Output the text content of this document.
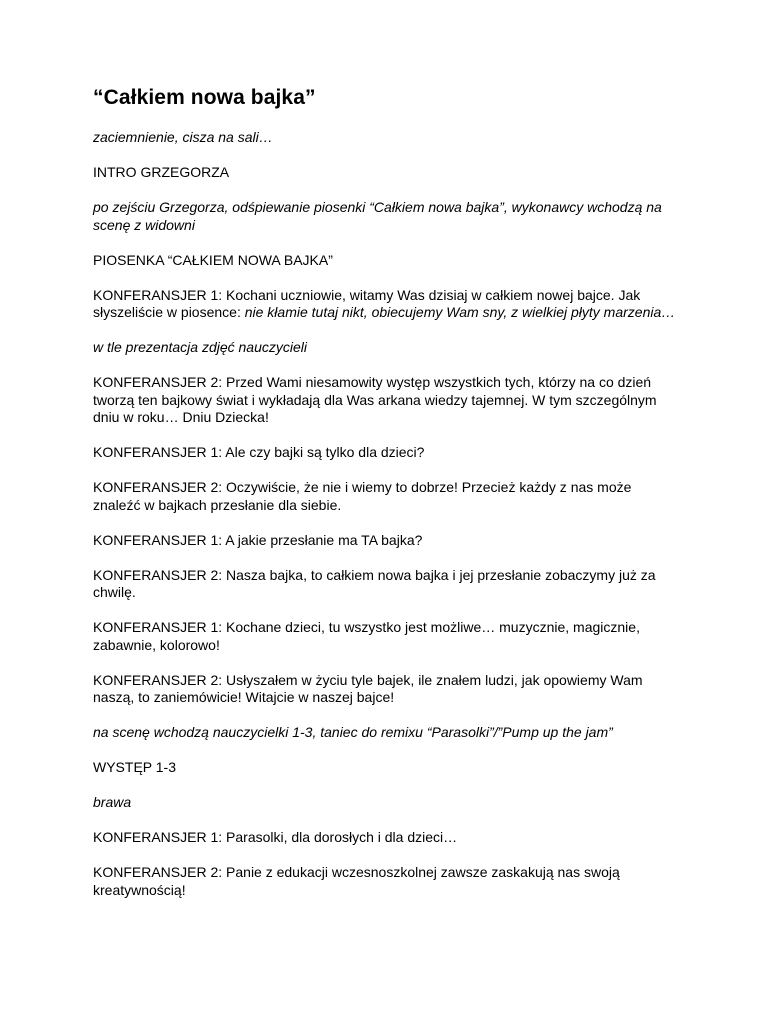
“Całkiem nowa bajka”

zaciemnienie, cisza na sali…

INTRO GRZEGORZA

po zejściu Grzegorza, odśpiewanie piosenki “Całkiem nowa bajka”, wykonawcy wchodzą na scenę z widowni

PIOSENKA “CAŁKIEM NOWA BAJKA”

KONFERANSJER 1: Kochani uczniowie, witamy Was dzisiaj w całkiem nowej bajce. Jak słyszeliście w piosence: nie kłamie tutaj nikt, obiecujemy Wam sny, z wielkiej płyty marzenia…

w tle prezentacja zdjęć nauczycieli

KONFERANSJER 2: Przed Wami niesamowity występ wszystkich tych, którzy na co dzień tworzą ten bajkowy świat i wykładają dla Was arkana wiedzy tajemnej. W tym szczególnym dniu w roku… Dniu Dziecka!

KONFERANSJER 1: Ale czy bajki są tylko dla dzieci?

KONFERANSJER 2: Oczywiście, że nie i wiemy to dobrze! Przecież każdy z nas może znaleźć w bajkach przesłanie dla siebie.

KONFERANSJER 1: A jakie przesłanie ma TA bajka?

KONFERANSJER 2: Nasza bajka, to całkiem nowa bajka i jej przesłanie zobaczymy już za chwilę.

KONFERANSJER 1: Kochane dzieci, tu wszystko jest możliwe… muzycznie, magicznie, zabawnie, kolorowo!

KONFERANSJER 2: Usłyszałem w życiu tyle bajek, ile znałem ludzi, jak opowiemy Wam naszą, to zaniemówicie! Witajcie w naszej bajce!

na scenę wchodzą nauczycielki 1-3, taniec do remixu “Parasolki”/”Pump up the jam”

WYSTĘP 1-3

brawa

KONFERANSJER 1: Parasolki, dla dorosłych i dla dzieci…

KONFERANSJER 2: Panie z edukacji wczesnoszkolnej zawsze zaskakują nas swoją kreatywnością!
